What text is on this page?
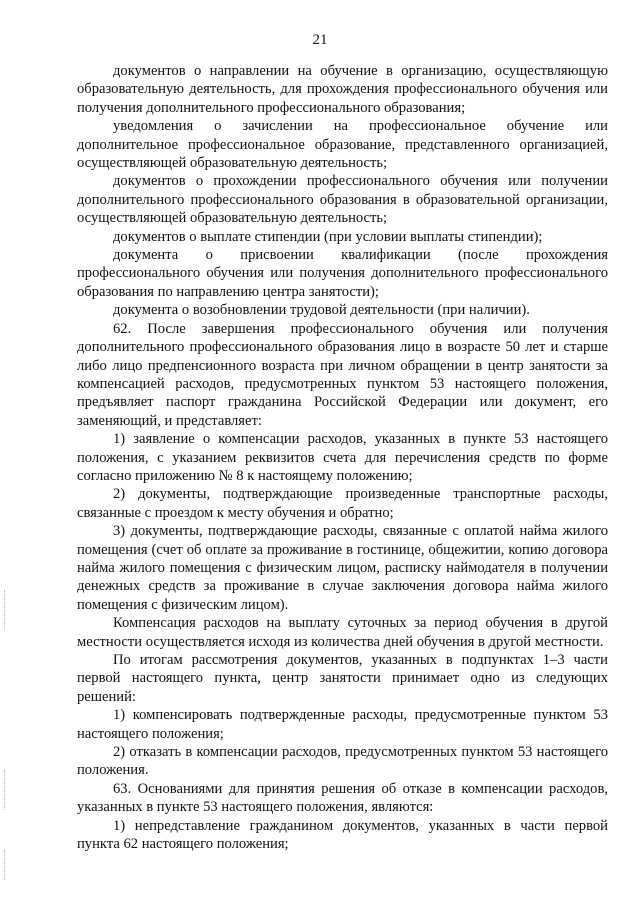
21

документов о направлении на обучение в организацию, осуществляющую образовательную деятельность, для прохождения профессионального обучения или получения дополнительного профессионального образования;

уведомления о зачислении на профессиональное обучение или дополнительное профессиональное образование, представленного организацией, осуществляющей образовательную деятельность;

документов о прохождении профессионального обучения или получении дополнительного профессионального образования в образовательной организации, осуществляющей образовательную деятельность;

документов о выплате стипендии (при условии выплаты стипендии);

документа о присвоении квалификации (после прохождения профессионального обучения или получения дополнительного профессионального образования по направлению центра занятости);

документа о возобновлении трудовой деятельности (при наличии).

62. После завершения профессионального обучения или получения дополнительного профессионального образования лицо в возрасте 50 лет и старше либо лицо предпенсионного возраста при личном обращении в центр занятости за компенсацией расходов, предусмотренных пунктом 53 настоящего положения, предъявляет паспорт гражданина Российской Федерации или документ, его заменяющий, и представляет:

1) заявление о компенсации расходов, указанных в пункте 53 настоящего положения, с указанием реквизитов счета для перечисления средств по форме согласно приложению № 8 к настоящему положению;

2) документы, подтверждающие произведенные транспортные расходы, связанные с проездом к месту обучения и обратно;

3) документы, подтверждающие расходы, связанные с оплатой найма жилого помещения (счет об оплате за проживание в гостинице, общежитии, копию договора найма жилого помещения с физическим лицом, расписку наймодателя в получении денежных средств за проживание в случае заключения договора найма жилого помещения с физическим лицом).

Компенсация расходов на выплату суточных за период обучения в другой местности осуществляется исходя из количества дней обучения в другой местности.

По итогам рассмотрения документов, указанных в подпунктах 1–3 части первой настоящего пункта, центр занятости принимает одно из следующих решений:

1) компенсировать подтвержденные расходы, предусмотренные пунктом 53 настоящего положения;

2) отказать в компенсации расходов, предусмотренных пунктом 53 настоящего положения.

63. Основаниями для принятия решения об отказе в компенсации расходов, указанных в пункте 53 настоящего положения, являются:

1) непредставление гражданином документов, указанных в части первой пункта 62 настоящего положения;
